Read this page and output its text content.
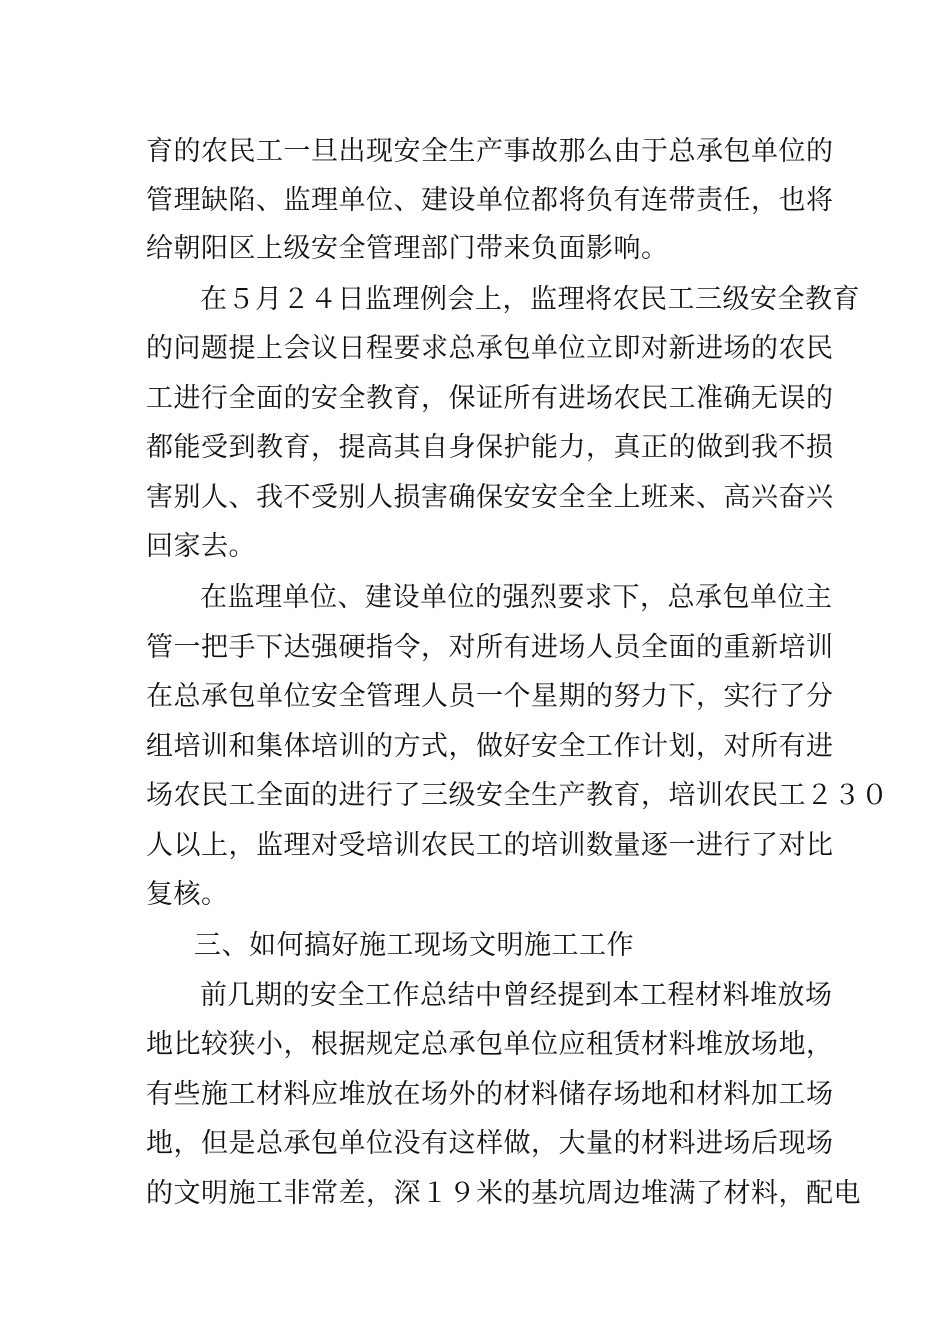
育的农民工一旦出现安全生产事故那么由于总承包单位的
管理缺陷、监理单位、建设单位都将负有连带责任，也将
给朝阳区上级安全管理部门带来负面影响。
在５月２４日监理例会上，监理将农民工三级安全教育
的问题提上会议日程要求总承包单位立即对新进场的农民
工进行全面的安全教育，保证所有进场农民工准确无误的
都能受到教育，提高其自身保护能力，真正的做到我不损
害别人、我不受别人损害确保安安全全上班来、高兴奋兴
回家去。
在监理单位、建设单位的强烈要求下，总承包单位主
管一把手下达强硬指令，对所有进场人员全面的重新培训
在总承包单位安全管理人员一个星期的努力下，实行了分
组培训和集体培训的方式，做好安全工作计划，对所有进
场农民工全面的进行了三级安全生产教育，培训农民工２３０
人以上，监理对受培训农民工的培训数量逐一进行了对比
复核。
三、如何搞好施工现场文明施工工作
前几期的安全工作总结中曾经提到本工程材料堆放场
地比较狭小，根据规定总承包单位应租赁材料堆放场地，
有些施工材料应堆放在场外的材料储存场地和材料加工场
地，但是总承包单位没有这样做，大量的材料进场后现场
的文明施工非常差，深１９米的基坑周边堆满了材料，配电
